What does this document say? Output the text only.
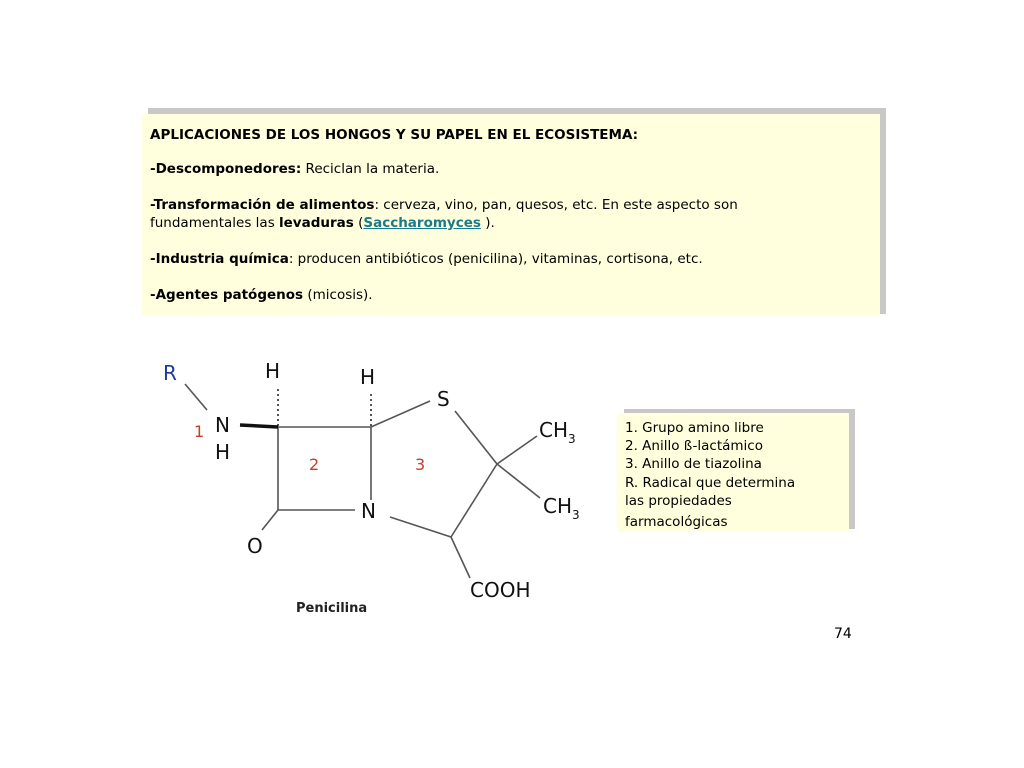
APLICACIONES DE LOS HONGOS Y SU PAPEL EN EL ECOSISTEMA:
-Descomponedores: Reciclan la materia.
-Transformación de alimentos: cerveza, vino, pan, quesos, etc. En este aspecto son
fundamentales las levaduras (Saccharomyces ).
-Industria química: producen antibióticos (penicilina), vitaminas, cortisona, etc.
-Agentes patógenos (micosis).
R
N
H
H	H
S
$CH_3$
$CH_3$
N
O
COOH
1
2	3
Penicilina
1. Grupo amino libre
2. Anillo ß-lactámico
3. Anillo de tiazolina
R. Radical que determina
las propiedades
farmacológicas
74
